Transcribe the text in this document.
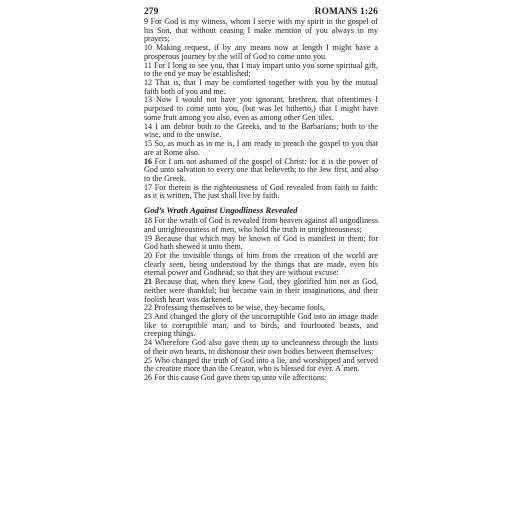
279	ROMANS 1:26

9 For God is my witness, whom I serve with my spirit in the gospel of his Son, that without ceasing I make mention of you always in my prayers;

10 Making request, if by any means now at length I might have a prosperous journey by the will of God to come unto you.

11 For I long to see you, that I may impart unto you some spiritual gift, to the end ye may be established;

12 That is, that I may be comforted together with you by the mutual faith both of you and me.

13 Now I would not have you ignorant, brethren, that oftentimes I purposed to come unto you, (but was let hitherto,) that I might have some fruit among you also, even as among other Gen´tiles.

14 I am debtor both to the Greeks, and to the Barbarians; both to the wise, and to the unwise.

15 So, as much as in me is, I am ready to preach the gospel to you that are at Rome also.

16 For I am not ashamed of the gospel of Christ: for it is the power of God unto salvation to every one that believeth; to the Jew first, and also to the Greek.

17 For therein is the righteousness of God revealed from faith to faith: as it is written, The just shall live by faith.

God’s Wrath Against Ungodliness Revealed

18 For the wrath of God is revealed from heaven against all ungodliness and unrighteousness of men, who hold the truth in unrighteousness;

19 Because that which may be known of God is manifest in them; for God hath shewed it unto them.

20 For the invisible things of him from the creation of the world are clearly seen, being understood by the things that are made, even his eternal power and Godhead; so that they are without excuse:

21 Because that, when they knew God, they glorified him not as God, neither were thankful; but became vain in their imaginations, and their foolish heart was darkened.

22 Professing themselves to be wise, they became fools,

23 And changed the glory of the uncorruptible God into an image made like to corruptible man, and to birds, and fourfooted beasts, and creeping things.

24 Wherefore God also gave them up to uncleanness through the lusts of their own hearts, to dishonour their own bodies between themselves:

25 Who changed the truth of God into a lie, and worshipped and served the creature more than the Creator, who is blessed for ever. A´men.

26 For this cause God gave them up unto vile affections:
